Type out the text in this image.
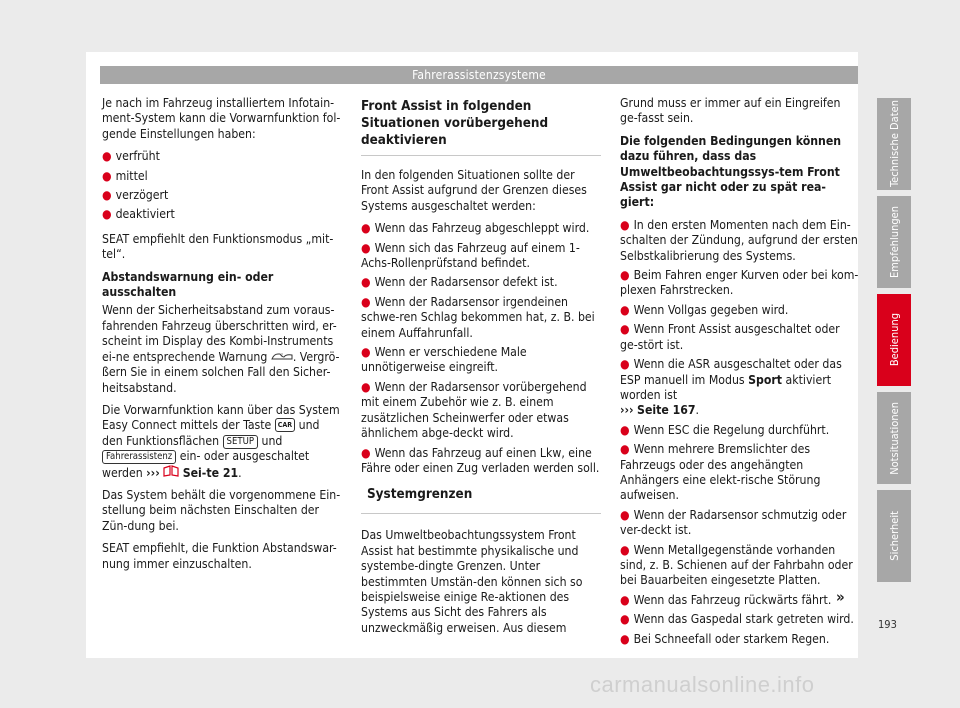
Fahrerassistenzsysteme

Je nach im Fahrzeug installiertem Infotain-ment-System kann die Vorwarnfunktion fol-gende Einstellungen haben:

● verfrüht
● mittel
● verzögert
● deaktiviert

SEAT empfiehlt den Funktionsmodus „mit-tel“.

Abstandswarnung ein- oder ausschalten

Wenn der Sicherheitsabstand zum voraus-fahrenden Fahrzeug überschritten wird, er-scheint im Display des Kombi-Instruments ei-ne entsprechende Warnung	! . Vergrö-ßern Sie in einem solchen Fall den Sicher-heitsabstand.

Die Vorwarnfunktion kann über das System Easy Connect mittels der Taste CAR und den Funktionsflächen SETUP und Fahrerassistenz ein- oder ausgeschaltet werden ››› Sei-te 21.

Das System behält die vorgenommene Ein-stellung beim nächsten Einschalten der Zün-dung bei.

SEAT empfiehlt, die Funktion Abstandswar-nung immer einzuschalten.

Front Assist in folgenden Situationen vorübergehend deaktivieren

In den folgenden Situationen sollte der Front Assist aufgrund der Grenzen dieses Systems ausgeschaltet werden:

● Wenn das Fahrzeug abgeschleppt wird.
● Wenn sich das Fahrzeug auf einem 1-Achs-Rollenprüfstand befindet.
● Wenn der Radarsensor defekt ist.
● Wenn der Radarsensor irgendeinen schwe-ren Schlag bekommen hat, z. B. bei einem Auffahrunfall.
● Wenn er verschiedene Male unnötigerweise eingreift.
● Wenn der Radarsensor vorübergehend mit einem Zubehör wie z. B. einem zusätzlichen Scheinwerfer oder etwas ähnlichem abge-deckt wird.
● Wenn das Fahrzeug auf einen Lkw, eine Fähre oder einen Zug verladen werden soll.
Systemgrenzen

Das Umweltbeobachtungssystem Front Assist hat bestimmte physikalische und systembe-dingte Grenzen. Unter bestimmten Umstän-den können sich so beispielsweise einige Re-aktionen des Systems aus Sicht des Fahrers als unzweckmäßig erweisen. Aus diesem

Grund muss er immer auf ein Eingreifen ge-fasst sein.

Die folgenden Bedingungen können dazu führen, dass das Umweltbeobachtungssys-tem Front Assist gar nicht oder zu spät rea-giert:

● In den ersten Momenten nach dem Ein-schalten der Zündung, aufgrund der ersten Selbstkalibrierung des Systems.
● Beim Fahren enger Kurven oder bei kom-plexen Fahrstrecken.
● Wenn Vollgas gegeben wird.
● Wenn Front Assist ausgeschaltet oder ge-stört ist.
● Wenn die ASR ausgeschaltet oder das ESP manuell im Modus Sport aktiviert worden ist
››› Seite 167.
● Wenn ESC die Regelung durchführt.
● Wenn mehrere Bremslichter des Fahrzeugs oder des angehängten Anhängers eine elekt-rische Störung aufweisen.
● Wenn der Radarsensor schmutzig oder ver-deckt ist.
● Wenn Metallgegenstände vorhanden sind, z. B. Schienen auf der Fahrbahn oder bei Bauarbeiten eingesetzte Platten.
● Wenn das Fahrzeug rückwärts fährt.
● Wenn das Gaspedal stark getreten wird.
● Bei Schneefall oder starkem Regen.
»
Technische Daten
Empfehlungen
Bedienung
Notsituationen
Sicherheit
193
carmanualsonline.info
